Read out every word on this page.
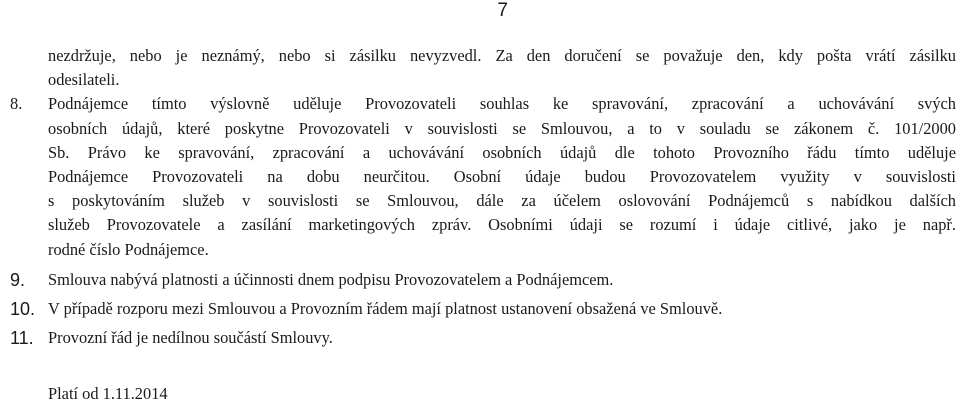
7

nezdržuje, nebo je neznámý, nebo si zásilku nevyzvedl. Za den doručení se považuje den, kdy pošta vrátí zásilku
odesilateli.

8. Podnájemce tímto výslovně uděluje Provozovateli souhlas ke spravování, zpracování a uchovávání svých
osobních údajů, které poskytne Provozovateli v souvislosti se Smlouvou, a to v souladu se zákonem č. 101/2000
Sb. Právo ke spravování, zpracování a uchovávání osobních údajů dle tohoto Provozního řádu tímto uděluje
Podnájemce Provozovateli na dobu neurčitou. Osobní údaje budou Provozovatelem využity v souvislosti
s poskytováním služeb v souvislosti se Smlouvou, dále za účelem oslovování Podnájemců s nabídkou dalších
služeb Provozovatele a zasílání marketingových zpráv. Osobními údaji se rozumí i údaje citlivé, jako je např.
rodné číslo Podnájemce.

9. Smlouva nabývá platnosti a účinnosti dnem podpisu Provozovatelem a Podnájemcem.

10. V případě rozporu mezi Smlouvou a Provozním řádem mají platnost ustanovení obsažená ve Smlouvě.

11. Provozní řád je nedílnou součástí Smlouvy.

Platí od 1.11.2014
